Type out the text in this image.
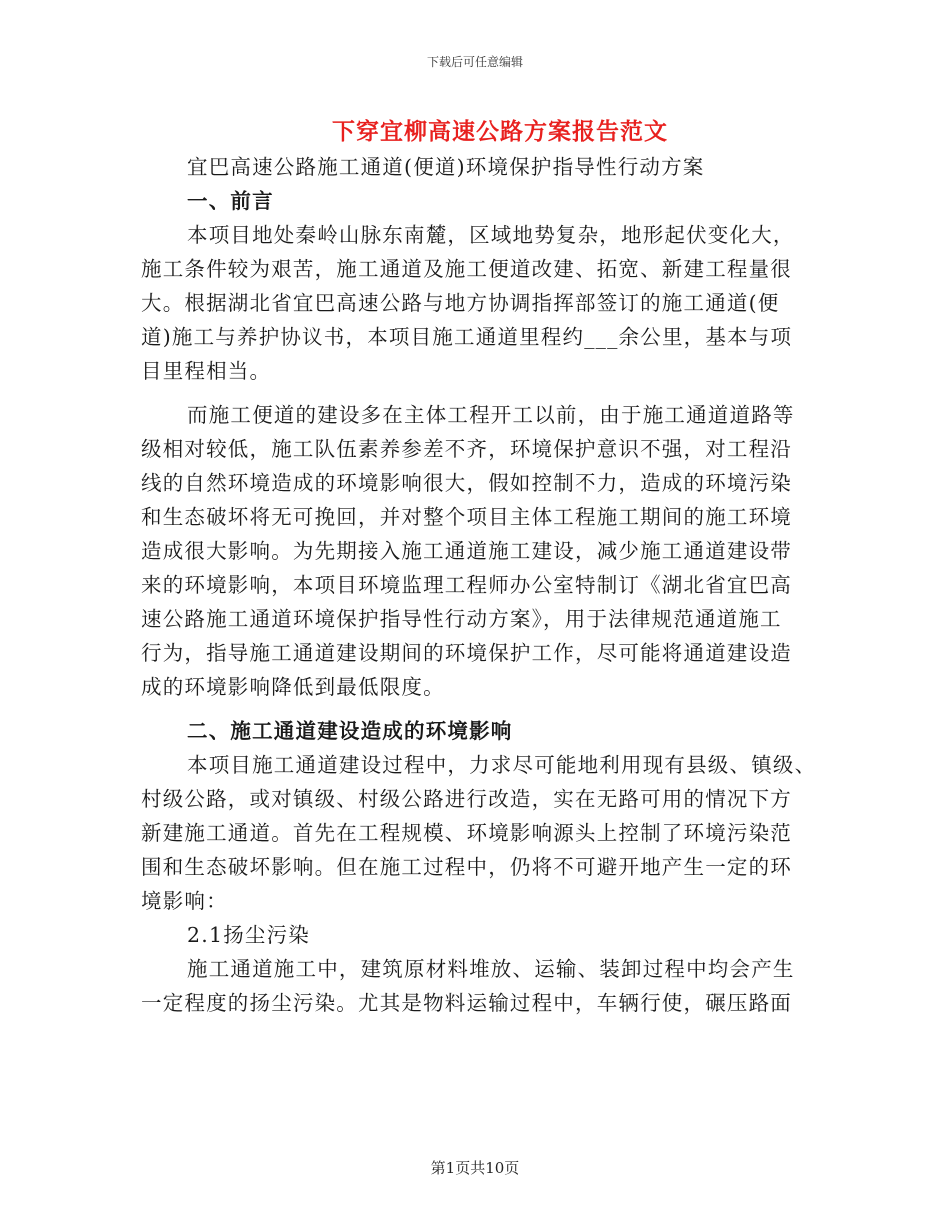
下载后可任意编辑
下穿宜柳高速公路方案报告范文
宜巴高速公路施工通道(便道)环境保护指导性行动方案
一、前言
本项目地处秦岭山脉东南麓，区域地势复杂，地形起伏变化大，
施工条件较为艰苦，施工通道及施工便道改建、拓宽、新建工程量很
大。根据湖北省宜巴高速公路与地方协调指挥部签订的施工通道(便
道)施工与养护协议书，本项目施工通道里程约___余公里，基本与项
目里程相当。
而施工便道的建设多在主体工程开工以前，由于施工通道道路等
级相对较低，施工队伍素养参差不齐，环境保护意识不强，对工程沿
线的自然环境造成的环境影响很大，假如控制不力，造成的环境污染
和生态破坏将无可挽回，并对整个项目主体工程施工期间的施工环境
造成很大影响。为先期接入施工通道施工建设，减少施工通道建设带
来的环境影响，本项目环境监理工程师办公室特制订《湖北省宜巴高
速公路施工通道环境保护指导性行动方案》，用于法律规范通道施工
行为，指导施工通道建设期间的环境保护工作，尽可能将通道建设造
成的环境影响降低到最低限度。
二、施工通道建设造成的环境影响
本项目施工通道建设过程中，力求尽可能地利用现有县级、镇级、
村级公路，或对镇级、村级公路进行改造，实在无路可用的情况下方
新建施工通道。首先在工程规模、环境影响源头上控制了环境污染范
围和生态破坏影响。但在施工过程中，仍将不可避开地产生一定的环
境影响：
2.1扬尘污染
施工通道施工中，建筑原材料堆放、运输、装卸过程中均会产生
一定程度的扬尘污染。尤其是物料运输过程中，车辆行使，碾压路面
第1页共10页
